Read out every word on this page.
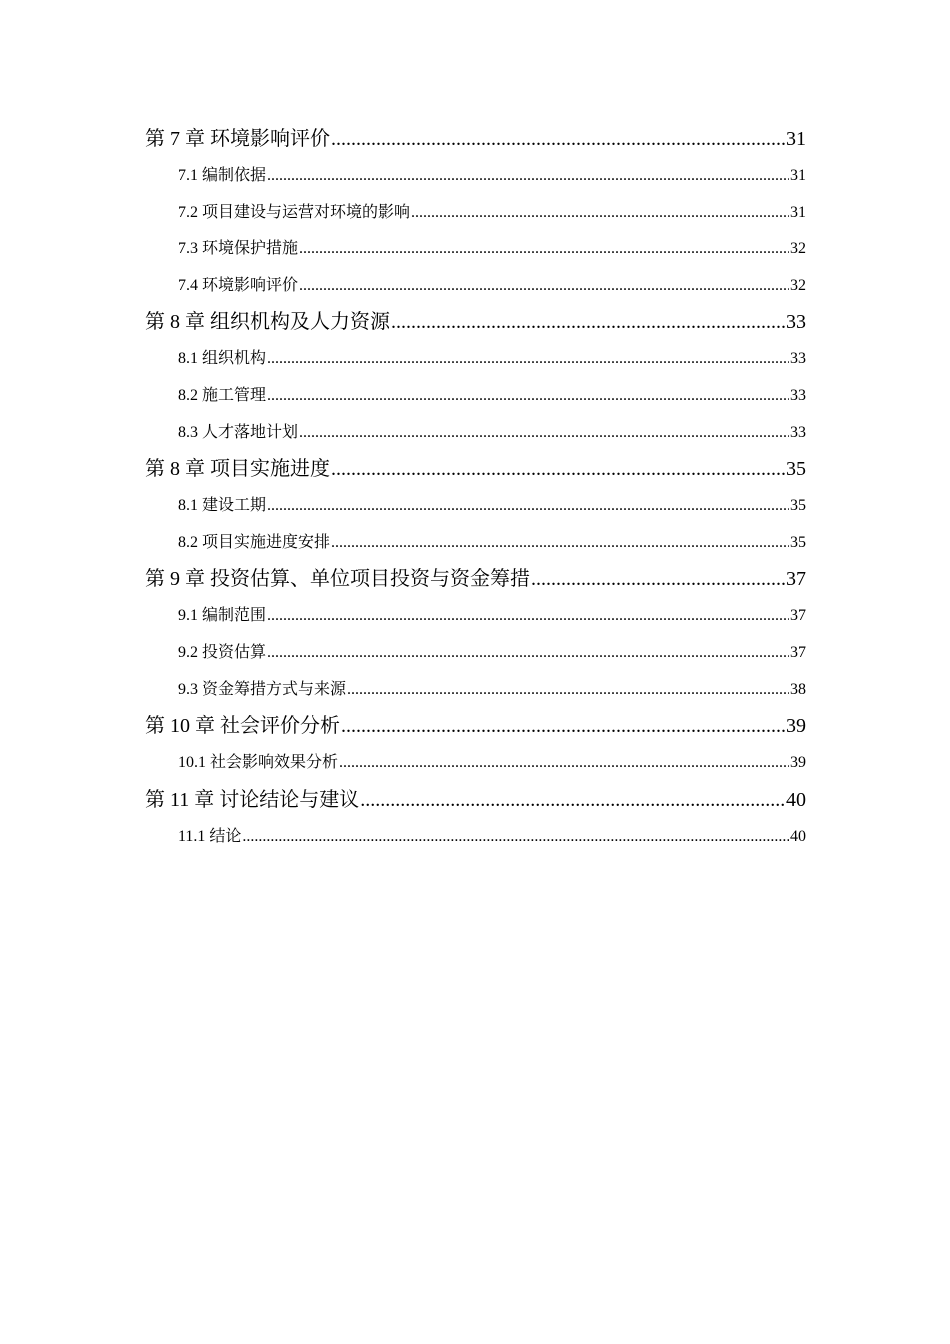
第 7 章 环境影响评价 .....	31
7.1 编制依据 .....	31
7.2 项目建设与运营对环境的影响 .....	31
7.3 环境保护措施 .....	32
7.4 环境影响评价 .....	32
第 8 章 组织机构及人力资源 .....	33
8.1 组织机构 .....	33
8.2 施工管理 .....	33
8.3 人才落地计划 .....	33
第 8 章 项目实施进度 .....	35
8.1 建设工期 .....	35
8.2 项目实施进度安排 .....	35
第 9 章 投资估算、单位项目投资与资金筹措 .....	37
9.1 编制范围 .....	37
9.2 投资估算 .....	37
9.3 资金筹措方式与来源 .....	38
第 10 章 社会评价分析 .....	39
10.1 社会影响效果分析 .....	39
第 11 章 讨论结论与建议 .....	40
11.1 结论 .....	40
